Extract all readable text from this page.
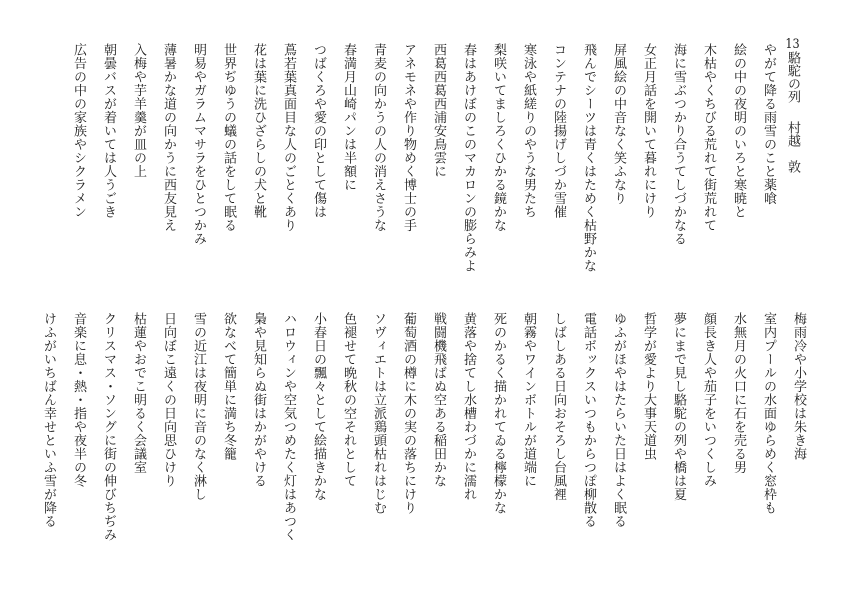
13駱駝の列 村越　敦
やがて降る雨雪のこと薬喰
絵の中の夜明のいろと寒暁と
木枯やくちびる荒れて街荒れて
海に雪ぶつかり合うてしづかなる
女正月話を開いて暮れにけり
屏風絵の中音なく笑ふなり
飛んでシーツは青くはためく枯野かな
コンテナの陸揚げしづか雪催
寒泳や紙縒りのやうな男たち
梨咲いてましろくひかる鏡かな
春はあけぼのこのマカロンの膨らみよ
西葛西葛西浦安鳥雲に
アネモネや作り物めく博士の手
青麦の向かうの人の消えさうな
春満月山崎パンは半額に
つばくろや愛の印として傷は
蔦若葉真面目な人のごとくあり
花は葉に洗ひざらしの犬と靴
世界ぢゆうの蟻の話をして眠る
明易やガラムマサラをひとつかみ
薄暑かな道の向かうに西友見え
入梅や芋羊羹が皿の上
朝曇バスが着いては人うごき
広告の中の家族やシクラメン
梅雨冷や小学校は朱き海
室内プールの水面ゆらめく窓枠も
水無月の火口に石を売る男
顔長き人や茄子をいつくしみ
夢にまで見し駱駝の列や橋は夏
哲学が愛より大事天道虫
ゆふがほやはたらいた日はよく眠る
電話ボックスいつもからつぽ柳散る
しばしある日向おそろし台風裡
朝霧やワインボトルが道端に
死のかるく描かれてゐる檸檬かな
黄落や捨てし水槽わづかに濡れ
戦闘機飛ばぬ空ある稲田かな
葡萄酒の樽に木の実の落ちにけり
ソヴィエトは立派鶏頭枯れはじむ
色褪せて晩秋の空それとして
小春日の飄々として絵描きかな
ハロウィンや空気つめたく灯はあつく
梟や見知らぬ街はかがやける
欲なべて簡単に満ち冬籠
雪の近江は夜明に音のなく淋し
日向ぼこ遠くの日向思ひけり
枯蓮やおでこ明るく会議室
クリスマス・ソングに街の伸びちぢみ
音楽に息・熱・指や夜半の冬
けふがいちばん幸せといふ雪が降る
